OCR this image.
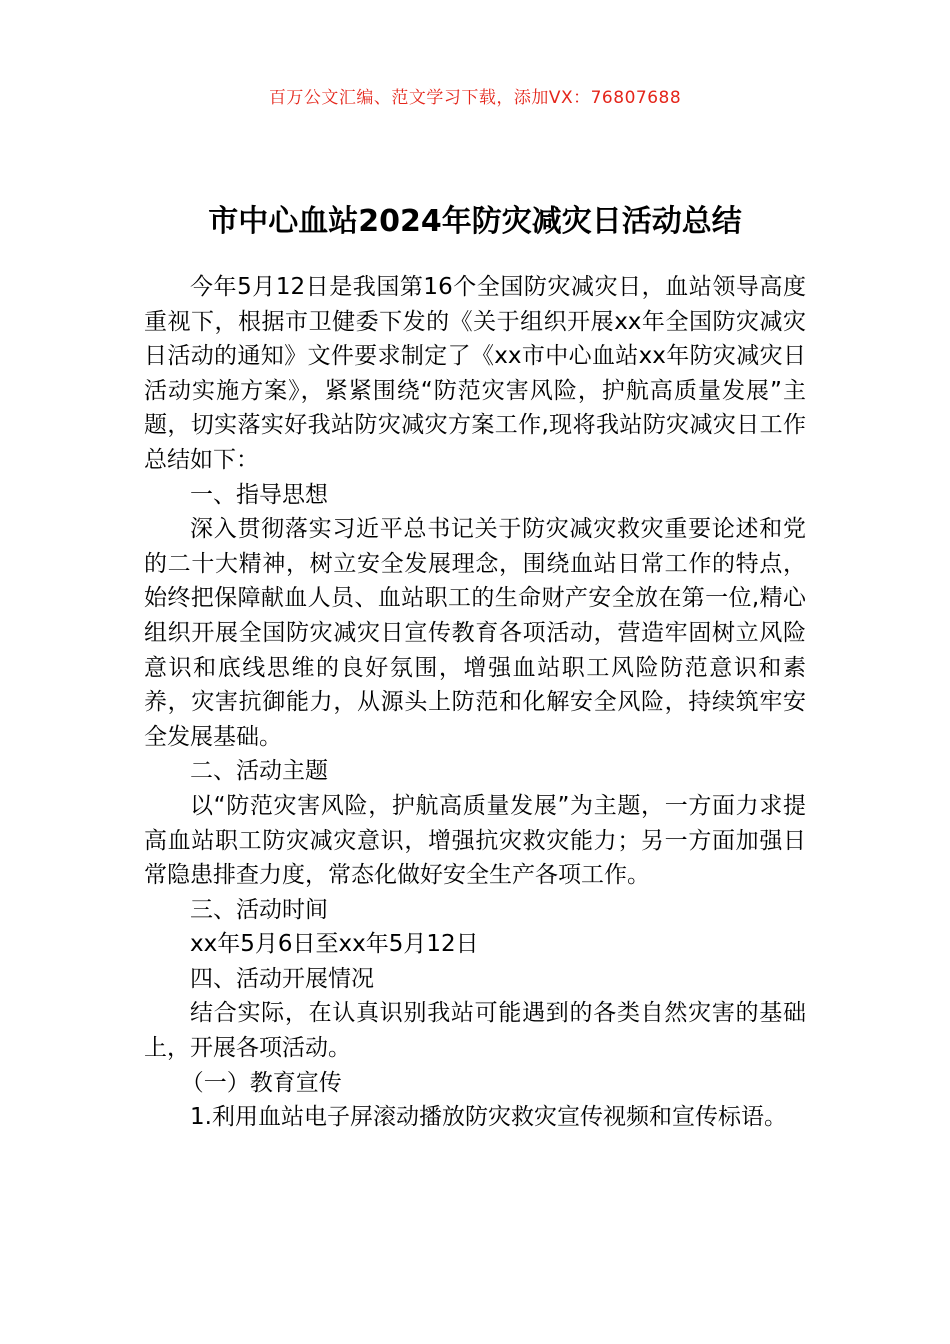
百万公文汇编、范文学习下载，添加VX：76807688
市中心血站2024年防灾减灾日活动总结

今年5月12日是我国第16个全国防灾减灾日，血站领导高度重视下，根据市卫健委下发的《关于组织开展xx年全国防灾减灾日活动的通知》文件要求制定了《xx市中心血站xx年防灾减灾日活动实施方案》，紧紧围绕“防范灾害风险，护航高质量发展”主题，切实落实好我站防灾减灾方案工作,现将我站防灾减灾日工作总结如下：

一、指导思想

深入贯彻落实习近平总书记关于防灾减灾救灾重要论述和党的二十大精神，树立安全发展理念，围绕血站日常工作的特点，始终把保障献血人员、血站职工的生命财产安全放在第一位,精心组织开展全国防灾减灾日宣传教育各项活动，营造牢固树立风险意识和底线思维的良好氛围，增强血站职工风险防范意识和素养，灾害抗御能力，从源头上防范和化解安全风险，持续筑牢安全发展基础。

二、活动主题

以“防范灾害风险，护航高质量发展”为主题，一方面力求提高血站职工防灾减灾意识，增强抗灾救灾能力；另一方面加强日常隐患排查力度，常态化做好安全生产各项工作。

三、活动时间

xx年5月6日至xx年5月12日

四、活动开展情况

结合实际，在认真识别我站可能遇到的各类自然灾害的基础上，开展各项活动。

（一）教育宣传

1.利用血站电子屏滚动播放防灾救灾宣传视频和宣传标语。
